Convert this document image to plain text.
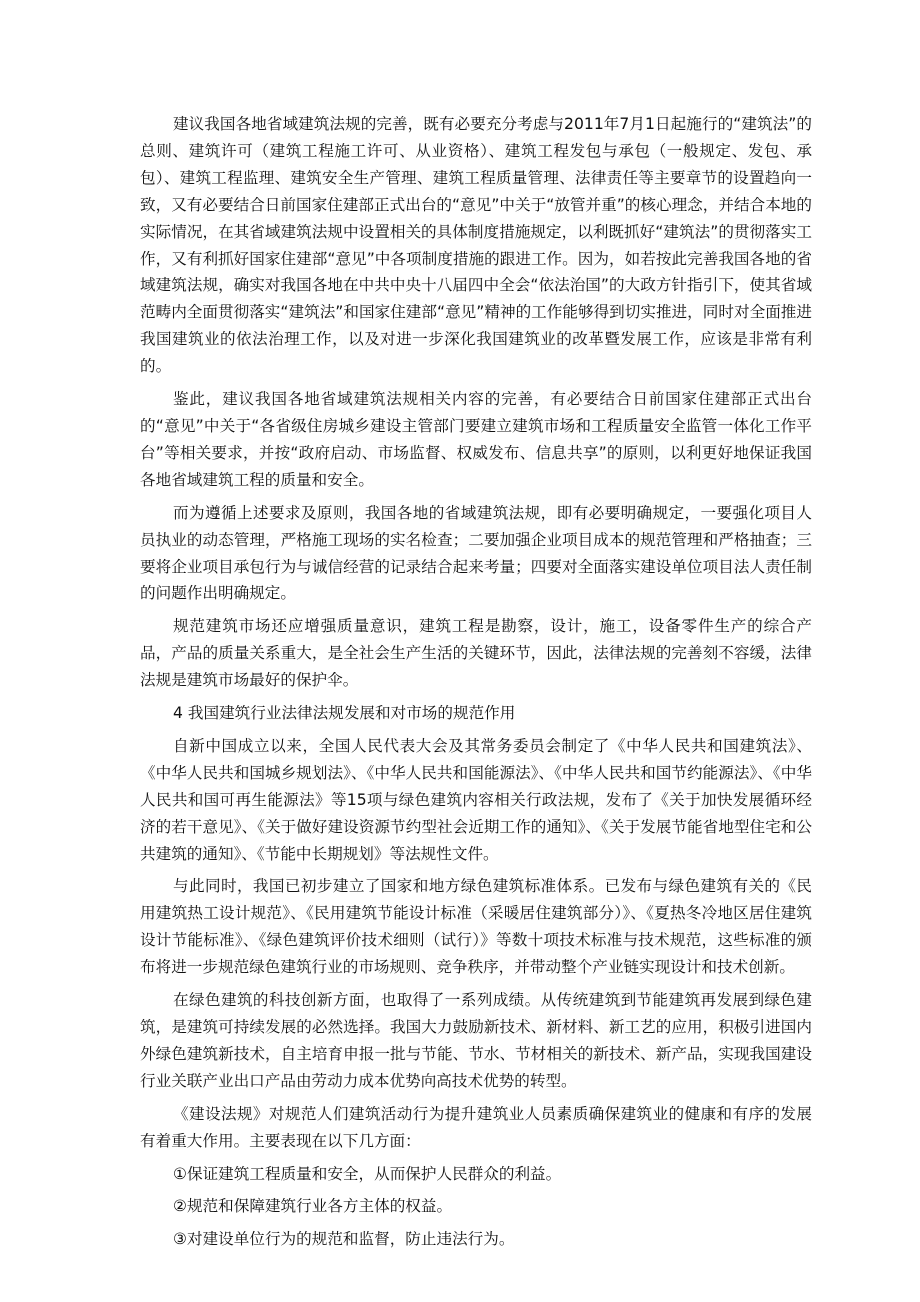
建议我国各地省域建筑法规的完善，既有必要充分考虑与2011年7月1日起施行的“建筑法”的总则、建筑许可（建筑工程施工许可、从业资格）、建筑工程发包与承包（一般规定、发包、承包）、建筑工程监理、建筑安全生产管理、建筑工程质量管理、法律责任等主要章节的设置趋向一致，又有必要结合日前国家住建部正式出台的“意见”中关于“放管并重”的核心理念，并结合本地的实际情况，在其省域建筑法规中设置相关的具体制度措施规定，以利既抓好“建筑法”的贯彻落实工作，又有利抓好国家住建部“意见”中各项制度措施的跟进工作。因为，如若按此完善我国各地的省域建筑法规，确实对我国各地在中共中央十八届四中全会“依法治国”的大政方针指引下，使其省域范畴内全面贯彻落实“建筑法”和国家住建部“意见”精神的工作能够得到切实推进，同时对全面推进我国建筑业的依法治理工作，以及对进一步深化我国建筑业的改革暨发展工作，应该是非常有利的。

鉴此，建议我国各地省域建筑法规相关内容的完善，有必要结合日前国家住建部正式出台的“意见”中关于“各省级住房城乡建设主管部门要建立建筑市场和工程质量安全监管一体化工作平台”等相关要求，并按“政府启动、市场监督、权威发布、信息共享”的原则，以利更好地保证我国各地省域建筑工程的质量和安全。

而为遵循上述要求及原则，我国各地的省域建筑法规，即有必要明确规定，一要强化项目人员执业的动态管理，严格施工现场的实名检查；二要加强企业项目成本的规范管理和严格抽查；三要将企业项目承包行为与诚信经营的记录结合起来考量；四要对全面落实建设单位项目法人责任制的问题作出明确规定。

规范建筑市场还应增强质量意识，建筑工程是勘察，设计，施工，设备零件生产的综合产品，产品的质量关系重大，是全社会生产生活的关键环节，因此，法律法规的完善刻不容缓，法律法规是建筑市场最好的保护伞。

4 我国建筑行业法律法规发展和对市场的规范作用

自新中国成立以来，全国人民代表大会及其常务委员会制定了《中华人民共和国建筑法》、《中华人民共和国城乡规划法》、《中华人民共和国能源法》、《中华人民共和国节约能源法》、《中华人民共和国可再生能源法》等15项与绿色建筑内容相关行政法规，发布了《关于加快发展循环经济的若干意见》、《关于做好建设资源节约型社会近期工作的通知》、《关于发展节能省地型住宅和公共建筑的通知》、《节能中长期规划》等法规性文件。

与此同时，我国已初步建立了国家和地方绿色建筑标准体系。已发布与绿色建筑有关的《民用建筑热工设计规范》、《民用建筑节能设计标准（采暖居住建筑部分）》、《夏热冬冷地区居住建筑设计节能标准》、《绿色建筑评价技术细则（试行）》等数十项技术标准与技术规范，这些标准的颁布将进一步规范绿色建筑行业的市场规则、竞争秩序，并带动整个产业链实现设计和技术创新。

在绿色建筑的科技创新方面，也取得了一系列成绩。从传统建筑到节能建筑再发展到绿色建筑，是建筑可持续发展的必然选择。我国大力鼓励新技术、新材料、新工艺的应用，积极引进国内外绿色建筑新技术，自主培育申报一批与节能、节水、节材相关的新技术、新产品，实现我国建设行业关联产业出口产品由劳动力成本优势向高技术优势的转型。

《建设法规》对规范人们建筑活动行为提升建筑业人员素质确保建筑业的健康和有序的发展有着重大作用。主要表现在以下几方面：

①保证建筑工程质量和安全，从而保护人民群众的利益。

②规范和保障建筑行业各方主体的权益。

③对建设单位行为的规范和监督，防止违法行为。
